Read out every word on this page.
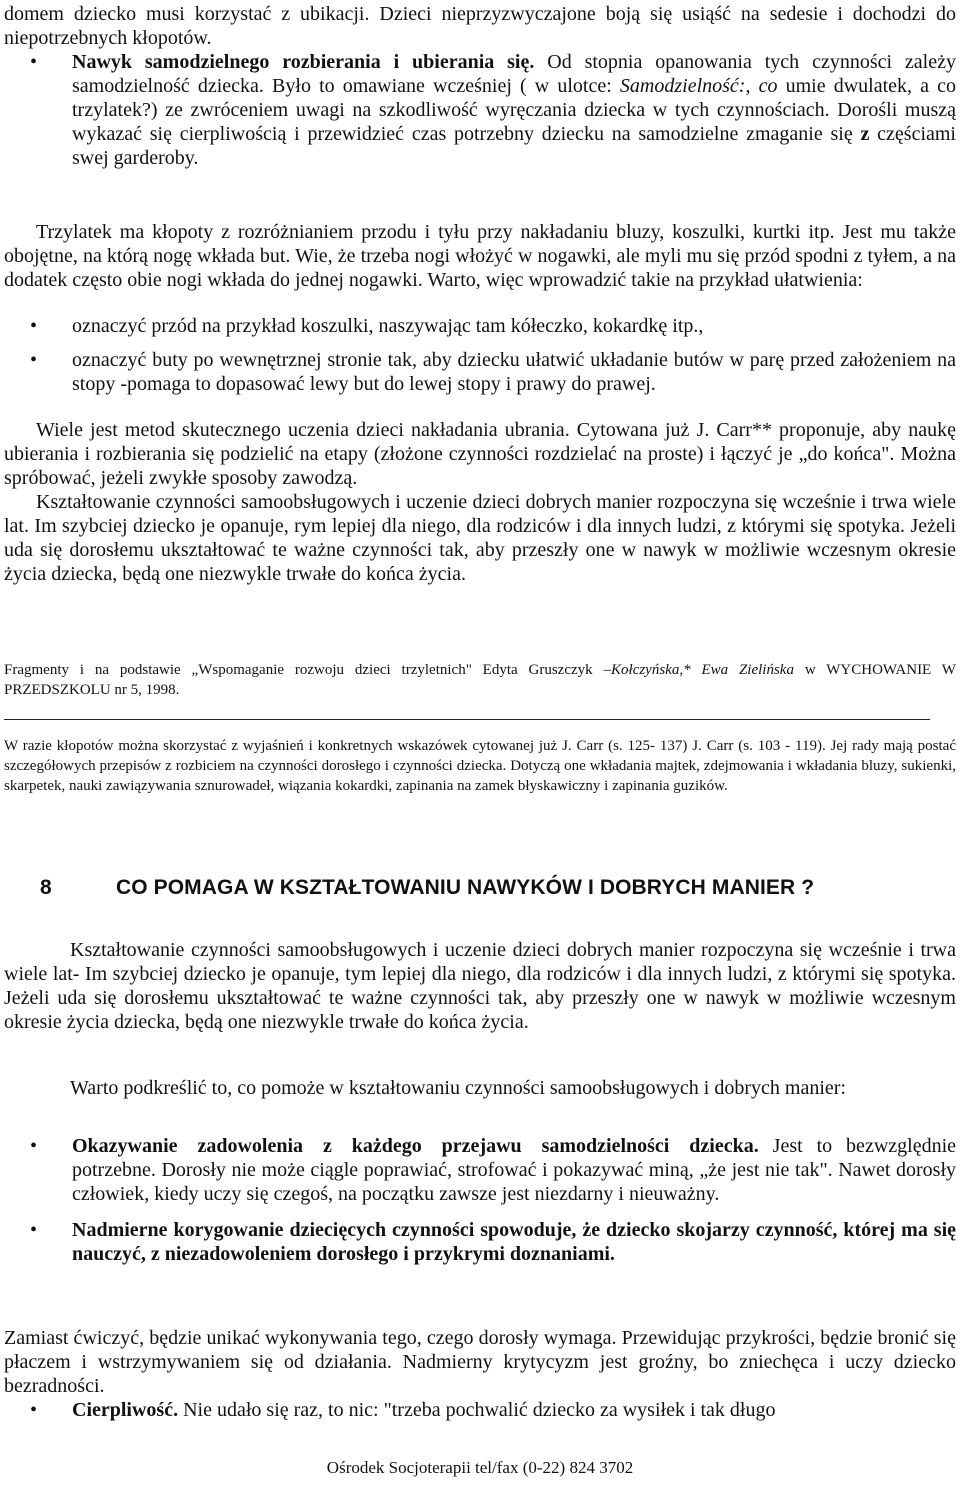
domem dziecko musi korzystać z ubikacji. Dzieci nieprzyzwyczajone boją się usiąść na sedesie i dochodzi do niepotrzebnych kłopotów.

• Nawyk samodzielnego rozbierania i ubierania się. Od stopnia opanowania tych czynności zależy samodzielność dziecka. Było to omawiane wcześniej ( w ulotce: Samodzielność:, co umie dwulatek, a co trzylatek?) ze zwróceniem uwagi na szkodliwość wyręczania dziecka w tych czynnościach. Dorośli muszą wykazać się cierpliwością i przewidzieć czas potrzebny dziecku na samodzielne zmaganie się z częściami swej garderoby.

Trzylatek ma kłopoty z rozróżnianiem przodu i tyłu przy nakładaniu bluzy, koszulki, kurtki itp. Jest mu także obojętne, na którą nogę wkłada but. Wie, że trzeba nogi włożyć w nogawki, ale myli mu się przód spodni z tyłem, a na dodatek często obie nogi wkłada do jednej nogawki. Warto, więc wprowadzić takie na przykład ułatwienia:

• oznaczyć przód na przykład koszulki, naszywając tam kółeczko, kokardkę itp.,
• oznaczyć buty po wewnętrznej stronie tak, aby dziecku ułatwić układanie butów w parę przed założeniem na stopy -pomaga to dopasować lewy but do lewej stopy i prawy do prawej.

Wiele jest metod skutecznego uczenia dzieci nakładania ubrania. Cytowana już J. Carr** proponuje, aby naukę ubierania i rozbierania się podzielić na etapy (złożone czynności rozdzielać na proste) i łączyć je „do końca". Można spróbować, jeżeli zwykłe sposoby zawodzą.

Kształtowanie czynności samoobsługowych i uczenie dzieci dobrych manier rozpoczyna się wcześnie i trwa wiele lat. Im szybciej dziecko je opanuje, rym lepiej dla niego, dla rodziców i dla innych ludzi, z którymi się spotyka. Jeżeli uda się dorosłemu ukształtować te ważne czynności tak, aby przeszły one w nawyk w możliwie wczesnym okresie życia dziecka, będą one niezwykle trwałe do końca życia.

Fragmenty i na podstawie „Wspomaganie rozwoju dzieci trzyletnich" Edyta Gruszczyk –Kołczyńska,* Ewa Zielińska w WYCHOWANIE W PRZEDSZKOLU nr 5, 1998.

W razie kłopotów można skorzystać z wyjaśnień i konkretnych wskazówek cytowanej już J. Carr (s. 125- 137) J. Carr (s. 103 - 119). Jej rady mają postać szczegółowych przepisów z rozbiciem na czynności dorosłego i czynności dziecka. Dotyczą one wkładania majtek, zdejmowania i wkładania bluzy, sukienki, skarpetek, nauki zawiązywania sznurowadeł, wiązania kokardki, zapinania na zamek błyskawiczny i zapinania guzików.

8	CO POMAGA W KSZTAŁTOWANIU NAWYKÓW I DOBRYCH MANIER ?

Kształtowanie czynności samoobsługowych i uczenie dzieci dobrych manier rozpoczyna się wcześnie i trwa wiele lat- Im szybciej dziecko je opanuje, tym lepiej dla niego, dla rodziców i dla innych ludzi, z którymi się spotyka. Jeżeli uda się dorosłemu ukształtować te ważne czynności tak, aby przeszły one w nawyk w możliwie wczesnym okresie życia dziecka, będą one niezwykle trwałe do końca życia.

Warto podkreślić to, co pomoże w kształtowaniu czynności samoobsługowych i dobrych manier:

• Okazywanie zadowolenia z każdego przejawu samodzielności dziecka. Jest to bezwzględnie potrzebne. Dorosły nie może ciągle poprawiać, strofować i pokazywać miną, „że jest nie tak". Nawet dorosły człowiek, kiedy uczy się czegoś, na początku zawsze jest niezdarny i nieuważny.
• Nadmierne korygowanie dziecięcych czynności spowoduje, że dziecko skojarzy czynność, której ma się nauczyć, z niezadowoleniem dorosłego i przykrymi doznaniami.

Zamiast ćwiczyć, będzie unikać wykonywania tego, czego dorosły wymaga. Przewidując przykrości, będzie bronić się płaczem i wstrzymywaniem się od działania. Nadmierny krytycyzm jest groźny, bo zniechęca i uczy dziecko bezradności.

• Cierpliwość. Nie udało się raz, to nic: "trzeba pochwalić dziecko za wysiłek i tak długo
Ośrodek Socjoterapii tel/fax (0-22) 824 3702
